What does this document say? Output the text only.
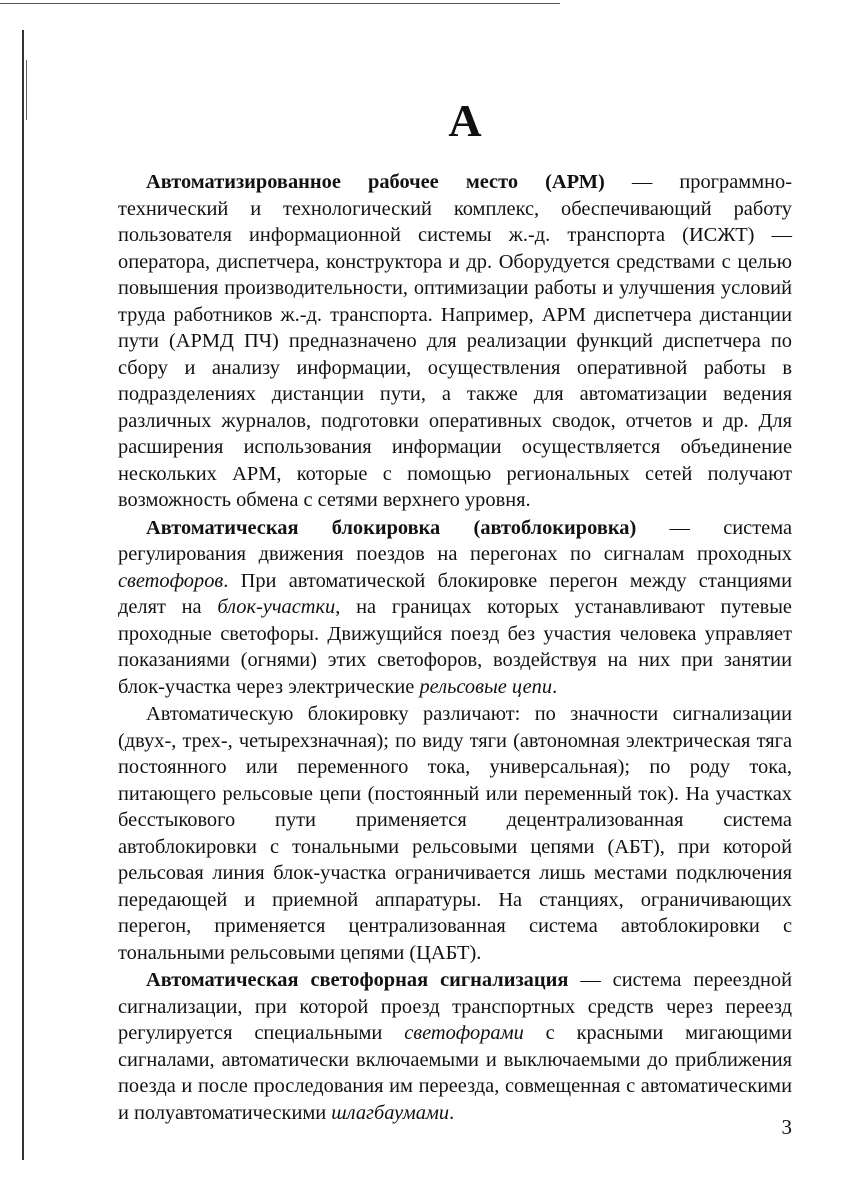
А

Автоматизированное рабочее место (АРМ) — программно-технический и технологический комплекс, обеспечивающий работу пользователя информационной системы ж.-д. транспорта (ИСЖТ) — оператора, диспетчера, конструктора и др. Оборудуется средствами с целью повышения производительности, оптимизации работы и улучшения условий труда работников ж.-д. транспорта. Например, АРМ диспетчера дистанции пути (АРМД ПЧ) предназначено для реализации функций диспетчера по сбору и анализу информации, осуществления оперативной работы в подразделениях дистанции пути, а также для автоматизации ведения различных журналов, подготовки оперативных сводок, отчетов и др. Для расширения использования информации осуществляется объединение нескольких АРМ, которые с помощью региональных сетей получают возможность обмена с сетями верхнего уровня.

Автоматическая блокировка (автоблокировка) — система регулирования движения поездов на перегонах по сигналам проходных светофоров. При автоматической блокировке перегон между станциями делят на блок-участки, на границах которых устанавливают путевые проходные светофоры. Движущийся поезд без участия человека управляет показаниями (огнями) этих светофоров, воздействуя на них при занятии блок-участка через электрические рельсовые цепи.

Автоматическую блокировку различают: по значности сигнализации (двух-, трех-, четырехзначная); по виду тяги (автономная электрическая тяга постоянного или переменного тока, универсальная); по роду тока, питающего рельсовые цепи (постоянный или переменный ток). На участках бесстыкового пути применяется децентрализованная система автоблокировки с тональными рельсовыми цепями (АБТ), при которой рельсовая линия блок-участка ограничивается лишь местами подключения передающей и приемной аппаратуры. На станциях, ограничивающих перегон, применяется централизованная система автоблокировки с тональными рельсовыми цепями (ЦАБТ).

Автоматическая светофорная сигнализация — система переездной сигнализации, при которой проезд транспортных средств через переезд регулируется специальными светофорами с красными мигающими сигналами, автоматически включаемыми и выключаемыми до приближения поезда и после проследования им переезда, совмещенная с автоматическими и полуавтоматическими шлагбаумами.

3
